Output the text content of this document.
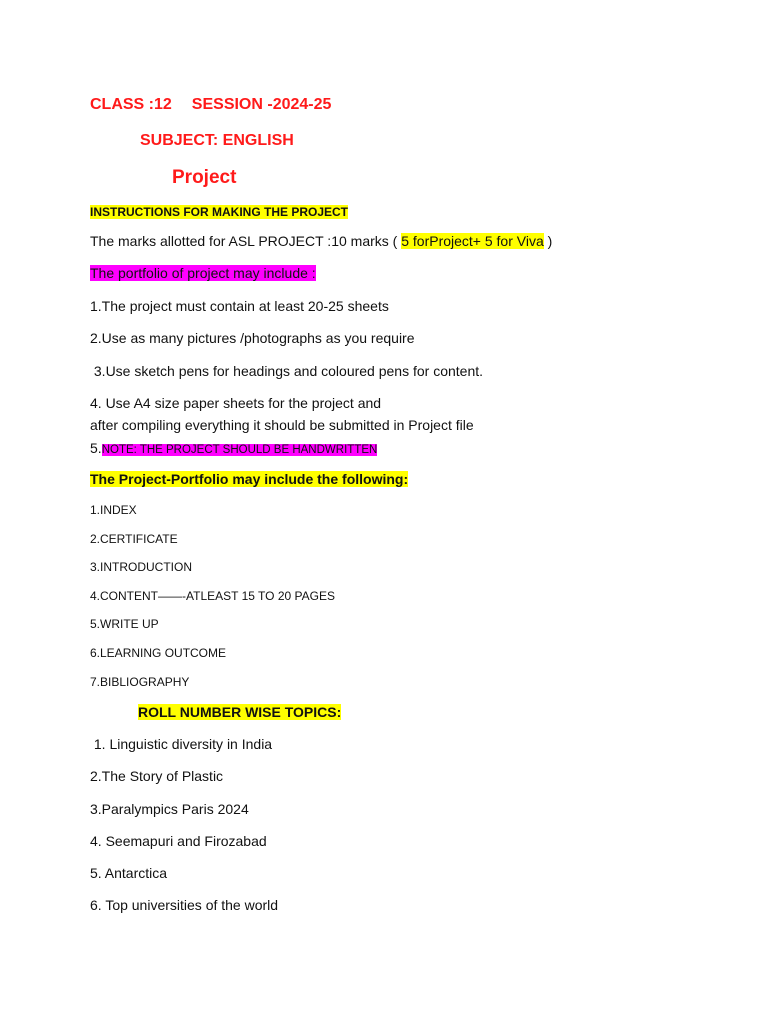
CLASS :12 SESSION -2024-25
SUBJECT: ENGLISH
Project
INSTRUCTIONS FOR MAKING THE PROJECT
The marks allotted for ASL PROJECT :10 marks ( 5 forProject+ 5 for Viva )
The portfolio of project may include :
1.The project must contain at least 20-25 sheets
2.Use as many pictures /photographs as you require
3.Use sketch pens for headings and coloured pens for content.
4. Use A4 size paper sheets for the project and
after compiling everything it should be submitted in Project file
5.NOTE: THE PROJECT SHOULD BE HANDWRITTEN
The Project-Portfolio may include the following:
1.INDEX
2.CERTIFICATE
3.INTRODUCTION
4.CONTENT——-ATLEAST 15 TO 20 PAGES
5.WRITE UP
6.LEARNING OUTCOME
7.BIBLIOGRAPHY
ROLL NUMBER WISE TOPICS:
1. Linguistic diversity in India
2.The Story of Plastic
3.Paralympics Paris 2024
4. Seemapuri and Firozabad
5. Antarctica
6. Top universities of the world
